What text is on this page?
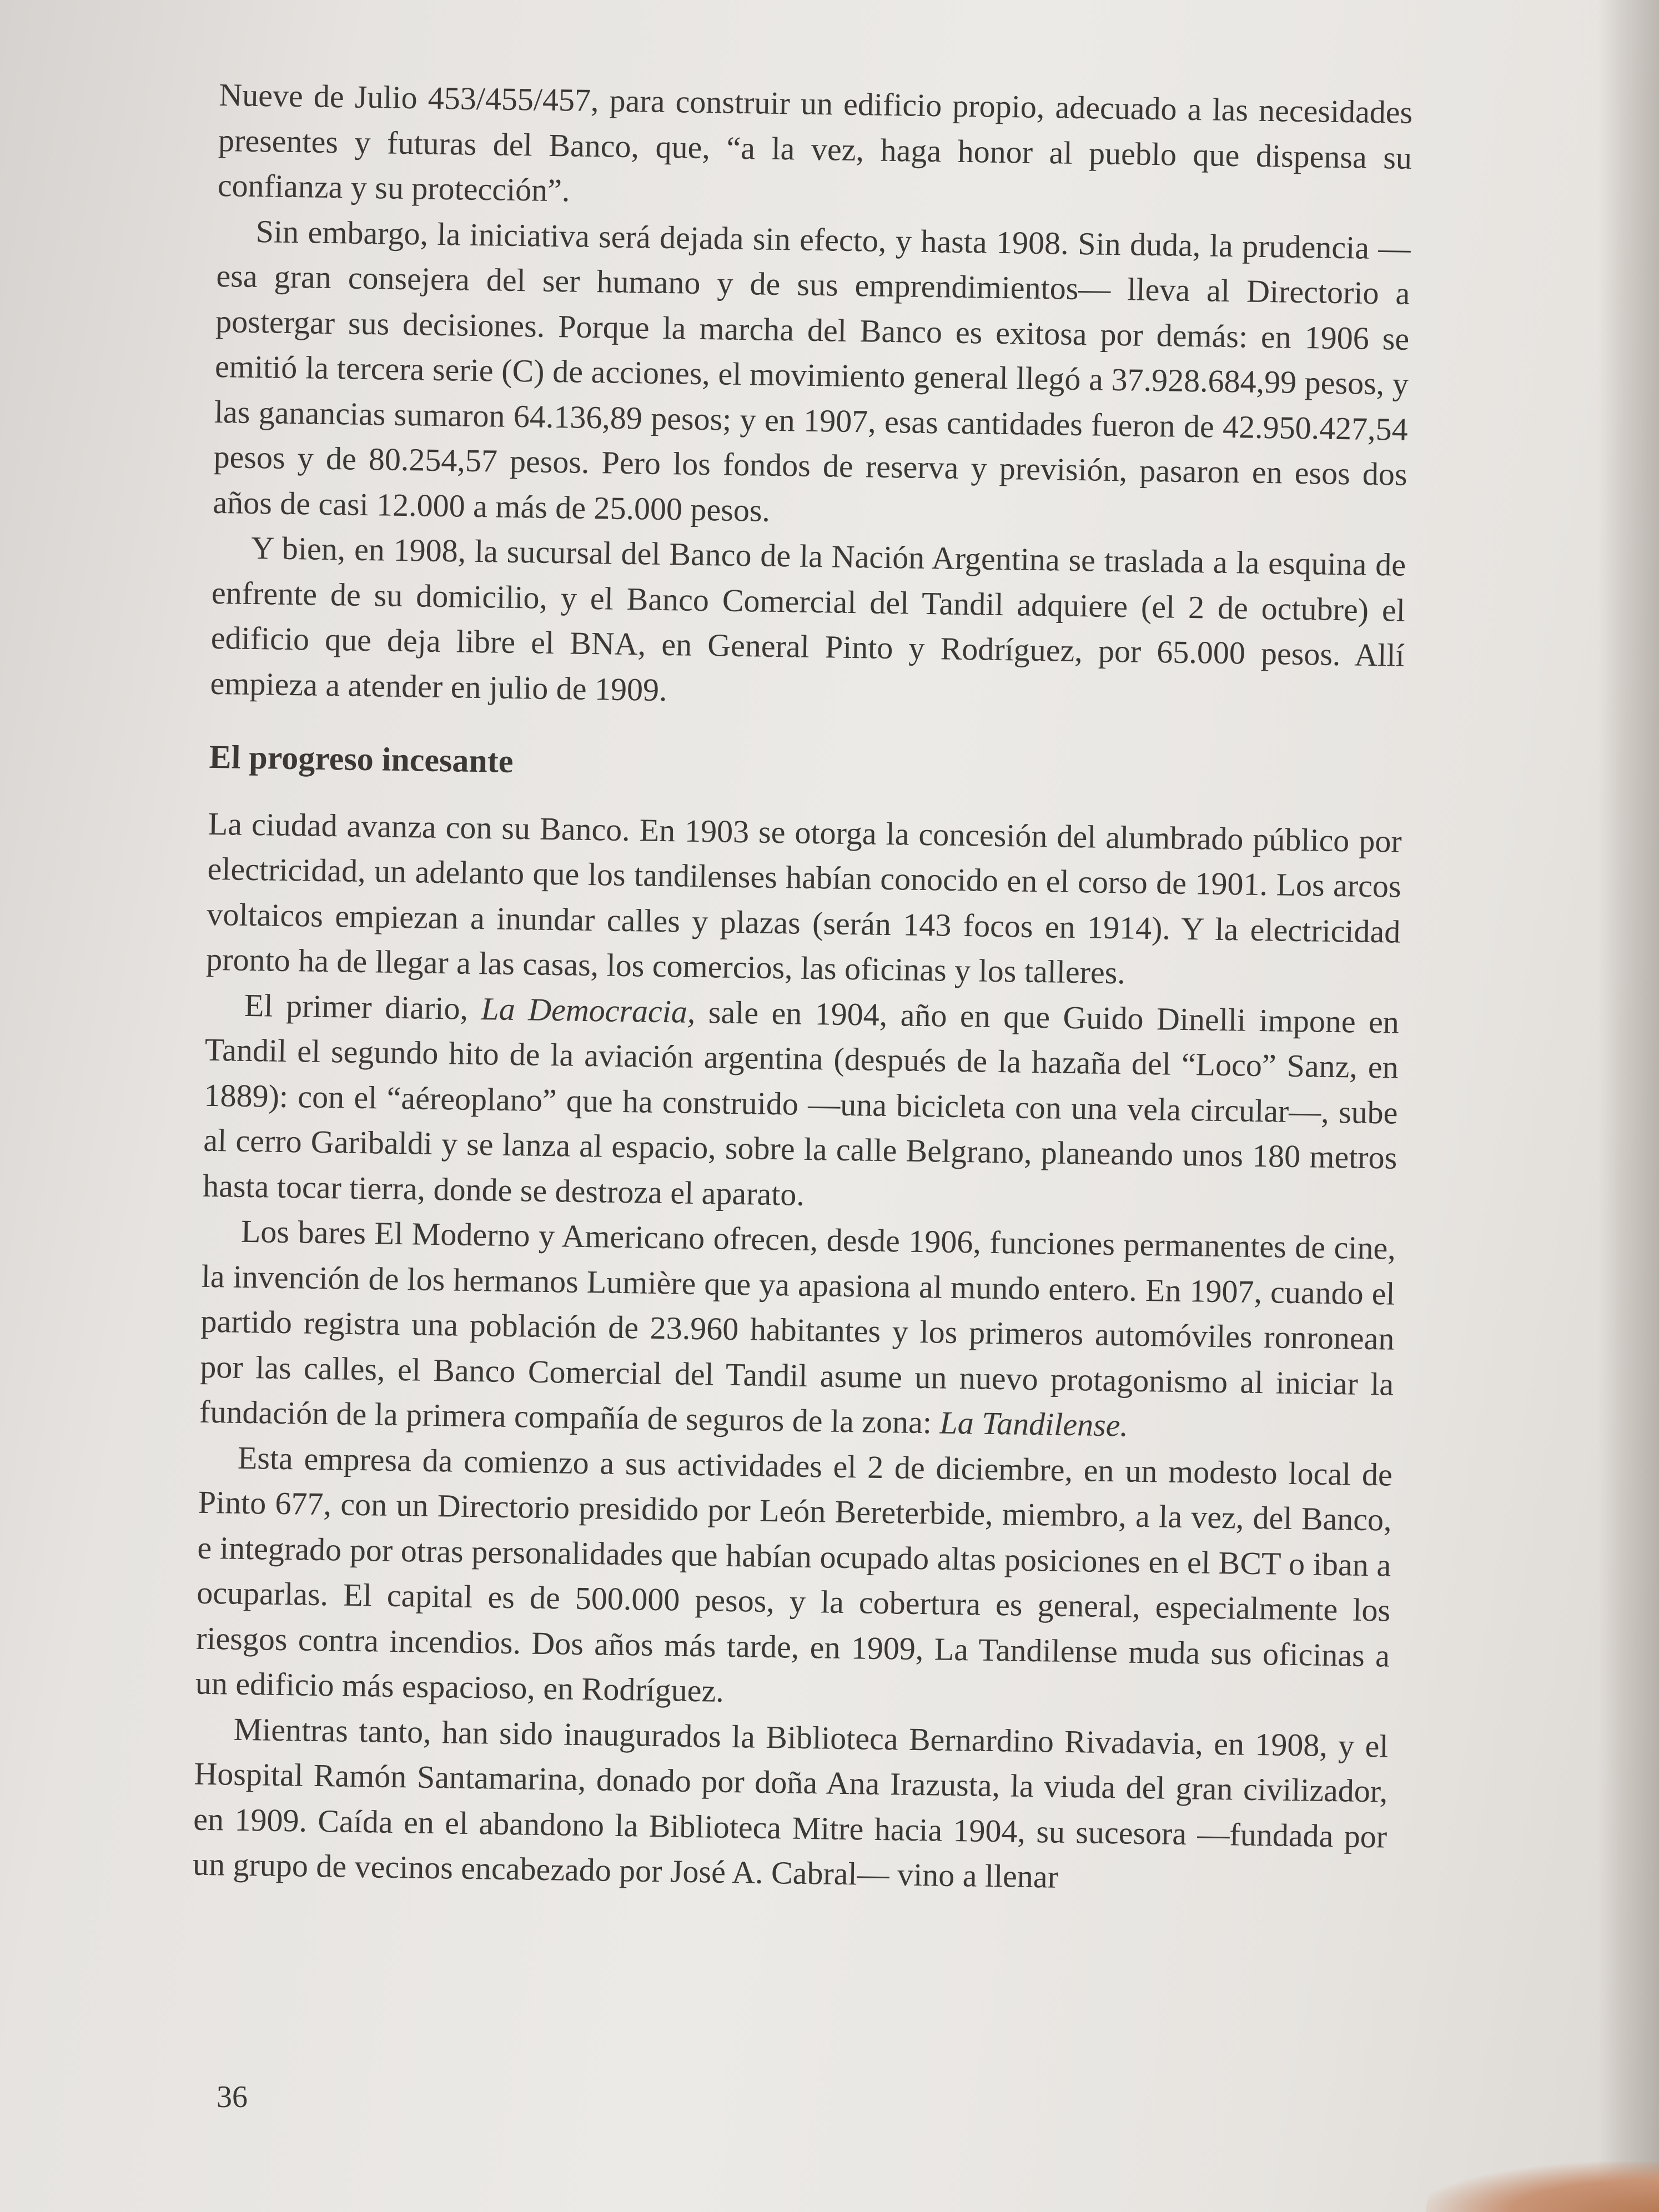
Nueve de Julio 453/455/457, para construir un edificio propio, adecuado a las necesidades presentes y futuras del Banco, que, “a la vez, haga honor al pueblo que dispensa su confianza y su protección”.

Sin embargo, la iniciativa será dejada sin efecto, y hasta 1908. Sin duda, la prudencia —esa gran consejera del ser humano y de sus emprendimientos— lleva al Directorio a postergar sus decisiones. Porque la marcha del Banco es exitosa por demás: en 1906 se emitió la tercera serie (C) de acciones, el movimiento general llegó a 37.928.684,99 pesos, y las ganancias sumaron 64.136,89 pesos; y en 1907, esas cantidades fueron de 42.950.427,54 pesos y de 80.254,57 pesos. Pero los fondos de reserva y previsión, pasaron en esos dos años de casi 12.000 a más de 25.000 pesos.

Y bien, en 1908, la sucursal del Banco de la Nación Argentina se traslada a la esquina de enfrente de su domicilio, y el Banco Comercial del Tandil adquiere (el 2 de octubre) el edificio que deja libre el BNA, en General Pinto y Rodríguez, por 65.000 pesos. Allí empieza a atender en julio de 1909.

El progreso incesante

La ciudad avanza con su Banco. En 1903 se otorga la concesión del alumbrado público por electricidad, un adelanto que los tandilenses habían conocido en el corso de 1901. Los arcos voltaicos empiezan a inundar calles y plazas (serán 143 focos en 1914). Y la electricidad pronto ha de llegar a las casas, los comercios, las oficinas y los talleres.

El primer diario, La Democracia, sale en 1904, año en que Guido Dinelli impone en Tandil el segundo hito de la aviación argentina (después de la hazaña del “Loco” Sanz, en 1889): con el “aéreoplano” que ha construido —una bicicleta con una vela circular—, sube al cerro Garibaldi y se lanza al espacio, sobre la calle Belgrano, planeando unos 180 metros hasta tocar tierra, donde se destroza el aparato.

Los bares El Moderno y Americano ofrecen, desde 1906, funciones permanentes de cine, la invención de los hermanos Lumière que ya apasiona al mundo entero. En 1907, cuando el partido registra una población de 23.960 habitantes y los primeros automóviles ronronean por las calles, el Banco Comercial del Tandil asume un nuevo protagonismo al iniciar la fundación de la primera compañía de seguros de la zona: La Tandilense.

Esta empresa da comienzo a sus actividades el 2 de diciembre, en un modesto local de Pinto 677, con un Directorio presidido por León Bereterbide, miembro, a la vez, del Banco, e integrado por otras personalidades que habían ocupado altas posiciones en el BCT o iban a ocuparlas. El capital es de 500.000 pesos, y la cobertura es general, especialmente los riesgos contra incendios. Dos años más tarde, en 1909, La Tandilense muda sus oficinas a un edificio más espacioso, en Rodríguez.

Mientras tanto, han sido inaugurados la Biblioteca Bernardino Rivadavia, en 1908, y el Hospital Ramón Santamarina, donado por doña Ana Irazusta, la viuda del gran civilizador, en 1909. Caída en el abandono la Biblioteca Mitre hacia 1904, su sucesora —fundada por un grupo de vecinos encabezado por José A. Cabral— vino a llenar

36
